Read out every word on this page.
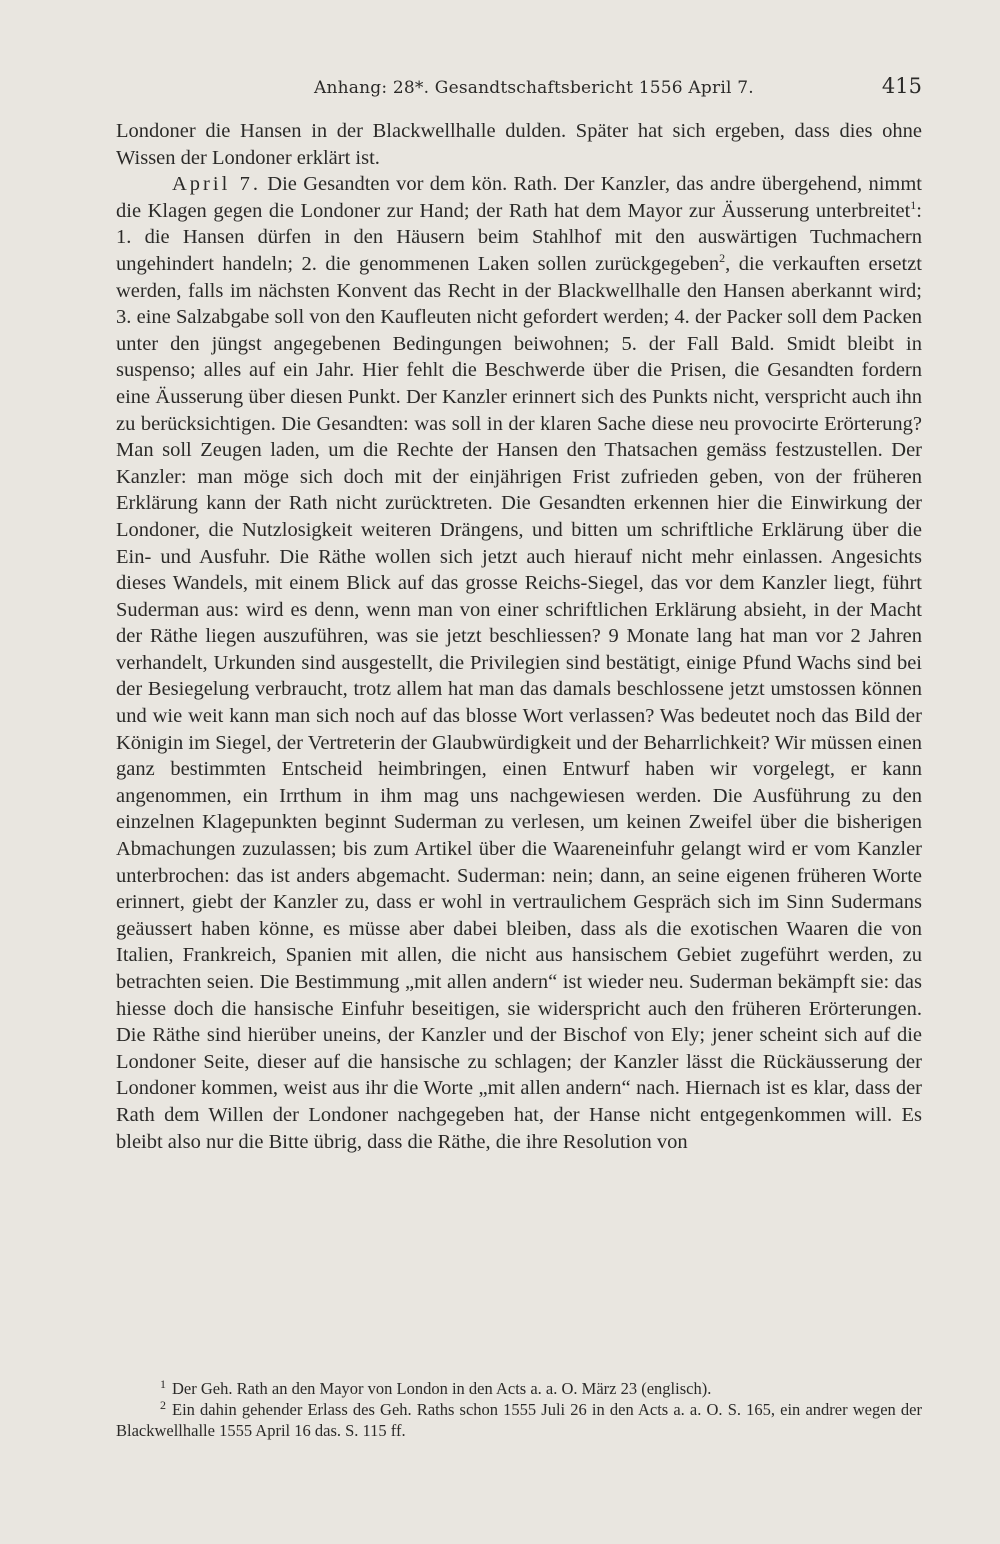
Anhang: 28*. Gesandtschaftsbericht 1556 April 7.	415

Londoner die Hansen in der Blackwellhalle dulden. Später hat sich ergeben, dass dies ohne Wissen der Londoner erklärt ist.

April 7. Die Gesandten vor dem kön. Rath. Der Kanzler, das andre übergehend, nimmt die Klagen gegen die Londoner zur Hand; der Rath hat dem Mayor zur Äusserung unterbreitet$^1$: 1. die Hansen dürfen in den Häusern beim Stahlhof mit den auswärtigen Tuchmachern ungehindert handeln; 2. die genommenen Laken sollen zurückgegeben$^2$, die verkauften ersetzt werden, falls im nächsten Konvent das Recht in der Blackwellhalle den Hansen aberkannt wird; 3. eine Salzabgabe soll von den Kaufleuten nicht gefordert werden; 4. der Packer soll dem Packen unter den jüngst angegebenen Bedingungen beiwohnen; 5. der Fall Bald. Smidt bleibt in suspenso; alles auf ein Jahr. Hier fehlt die Beschwerde über die Prisen, die Gesandten fordern eine Äusserung über diesen Punkt. Der Kanzler erinnert sich des Punkts nicht, verspricht auch ihn zu berücksichtigen. Die Gesandten: was soll in der klaren Sache diese neu provocirte Erörterung? Man soll Zeugen laden, um die Rechte der Hansen den Thatsachen gemäss festzustellen. Der Kanzler: man möge sich doch mit der einjährigen Frist zufrieden geben, von der früheren Erklärung kann der Rath nicht zurücktreten. Die Gesandten erkennen hier die Einwirkung der Londoner, die Nutzlosigkeit weiteren Drängens, und bitten um schriftliche Erklärung über die Ein- und Ausfuhr. Die Räthe wollen sich jetzt auch hierauf nicht mehr einlassen. Angesichts dieses Wandels, mit einem Blick auf das grosse Reichs-Siegel, das vor dem Kanzler liegt, führt Suderman aus: wird es denn, wenn man von einer schriftlichen Erklärung absieht, in der Macht der Räthe liegen auszuführen, was sie jetzt beschliessen? 9 Monate lang hat man vor 2 Jahren verhandelt, Urkunden sind ausgestellt, die Privilegien sind bestätigt, einige Pfund Wachs sind bei der Besiegelung verbraucht, trotz allem hat man das damals beschlossene jetzt umstossen können und wie weit kann man sich noch auf das blosse Wort verlassen? Was bedeutet noch das Bild der Königin im Siegel, der Vertreterin der Glaubwürdigkeit und der Beharrlichkeit? Wir müssen einen ganz bestimmten Entscheid heimbringen, einen Entwurf haben wir vorgelegt, er kann angenommen, ein Irrthum in ihm mag uns nachgewiesen werden. Die Ausführung zu den einzelnen Klagepunkten beginnt Suderman zu verlesen, um keinen Zweifel über die bisherigen Abmachungen zuzulassen; bis zum Artikel über die Waareneinfuhr gelangt wird er vom Kanzler unterbrochen: das ist anders abgemacht. Suderman: nein; dann, an seine eigenen früheren Worte erinnert, giebt der Kanzler zu, dass er wohl in vertraulichem Gespräch sich im Sinn Sudermans geäussert haben könne, es müsse aber dabei bleiben, dass als die exotischen Waaren die von Italien, Frankreich, Spanien mit allen, die nicht aus hansischem Gebiet zugeführt werden, zu betrachten seien. Die Bestimmung „mit allen andern“ ist wieder neu. Suderman bekämpft sie: das hiesse doch die hansische Einfuhr beseitigen, sie widerspricht auch den früheren Erörterungen. Die Räthe sind hierüber uneins, der Kanzler und der Bischof von Ely; jener scheint sich auf die Londoner Seite, dieser auf die hansische zu schlagen; der Kanzler lässt die Rückäusserung der Londoner kommen, weist aus ihr die Worte „mit allen andern“ nach. Hiernach ist es klar, dass der Rath dem Willen der Londoner nachgegeben hat, der Hanse nicht entgegenkommen will. Es bleibt also nur die Bitte übrig, dass die Räthe, die ihre Resolution von

$^1$ Der Geh. Rath an den Mayor von London in den Acts a. a. O. März 23 (englisch).

$^2$ Ein dahin gehender Erlass des Geh. Raths schon 1555 Juli 26 in den Acts a. a. O. S. 165, ein andrer wegen der Blackwellhalle 1555 April 16 das. S. 115 ff.
